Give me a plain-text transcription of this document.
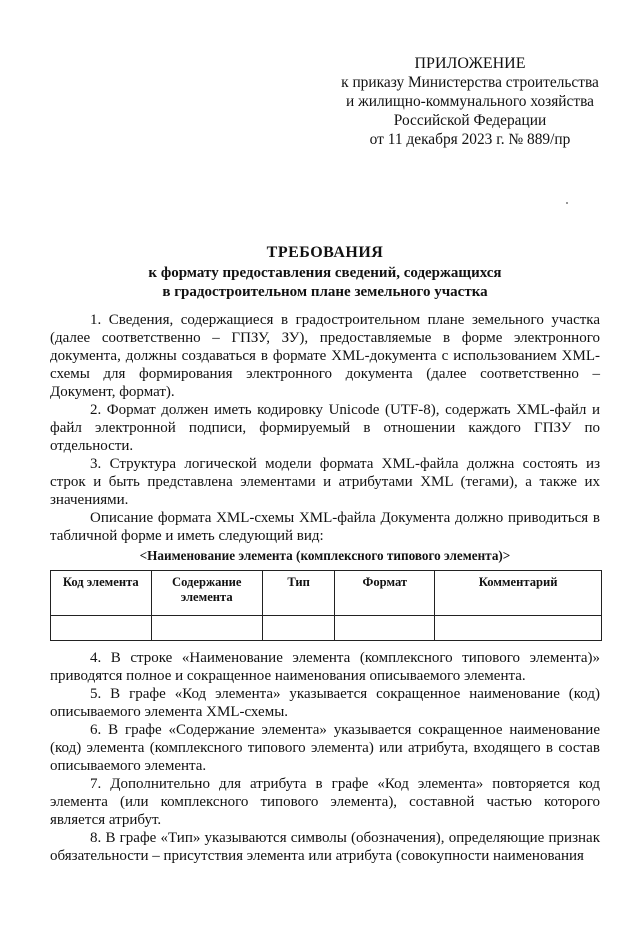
ПРИЛОЖЕНИЕ
к приказу Министерства строительства
и жилищно-коммунального хозяйства
Российской Федерации
от 11 декабря 2023 г. № 889/пр
ТРЕБОВАНИЯ
к формату предоставления сведений, содержащихся
в градостроительном плане земельного участка

1. Сведения, содержащиеся в градостроительном плане земельного участка (далее соответственно – ГПЗУ, ЗУ), предоставляемые в форме электронного документа, должны создаваться в формате XML-документа с использованием XML-схемы для формирования электронного документа (далее соответственно – Документ, формат).

2. Формат должен иметь кодировку Unicode (UTF-8), содержать XML-файл и файл электронной подписи, формируемый в отношении каждого ГПЗУ по отдельности.

3. Структура логической модели формата XML-файла должна состоять из строк и быть представлена элементами и атрибутами XML (тегами), а также их значениями.

Описание формата XML-схемы XML-файла Документа должно приводиться в табличной форме и иметь следующий вид:

<Наименование элемента (комплексного типового элемента)>
Код элемента	Содержание элемента	Тип	Формат	Комментарий

4. В строке «Наименование элемента (комплексного типового элемента)» приводятся полное и сокращенное наименования описываемого элемента.

5. В графе «Код элемента» указывается сокращенное наименование (код) описываемого элемента XML-схемы.

6. В графе «Содержание элемента» указывается сокращенное наименование (код) элемента (комплексного типового элемента) или атрибута, входящего в состав описываемого элемента.

7. Дополнительно для атрибута в графе «Код элемента» повторяется код элемента (или комплексного типового элемента), составной частью которого является атрибут.

8. В графе «Тип» указываются символы (обозначения), определяющие признак обязательности – присутствия элемента или атрибута (совокупности наименования
